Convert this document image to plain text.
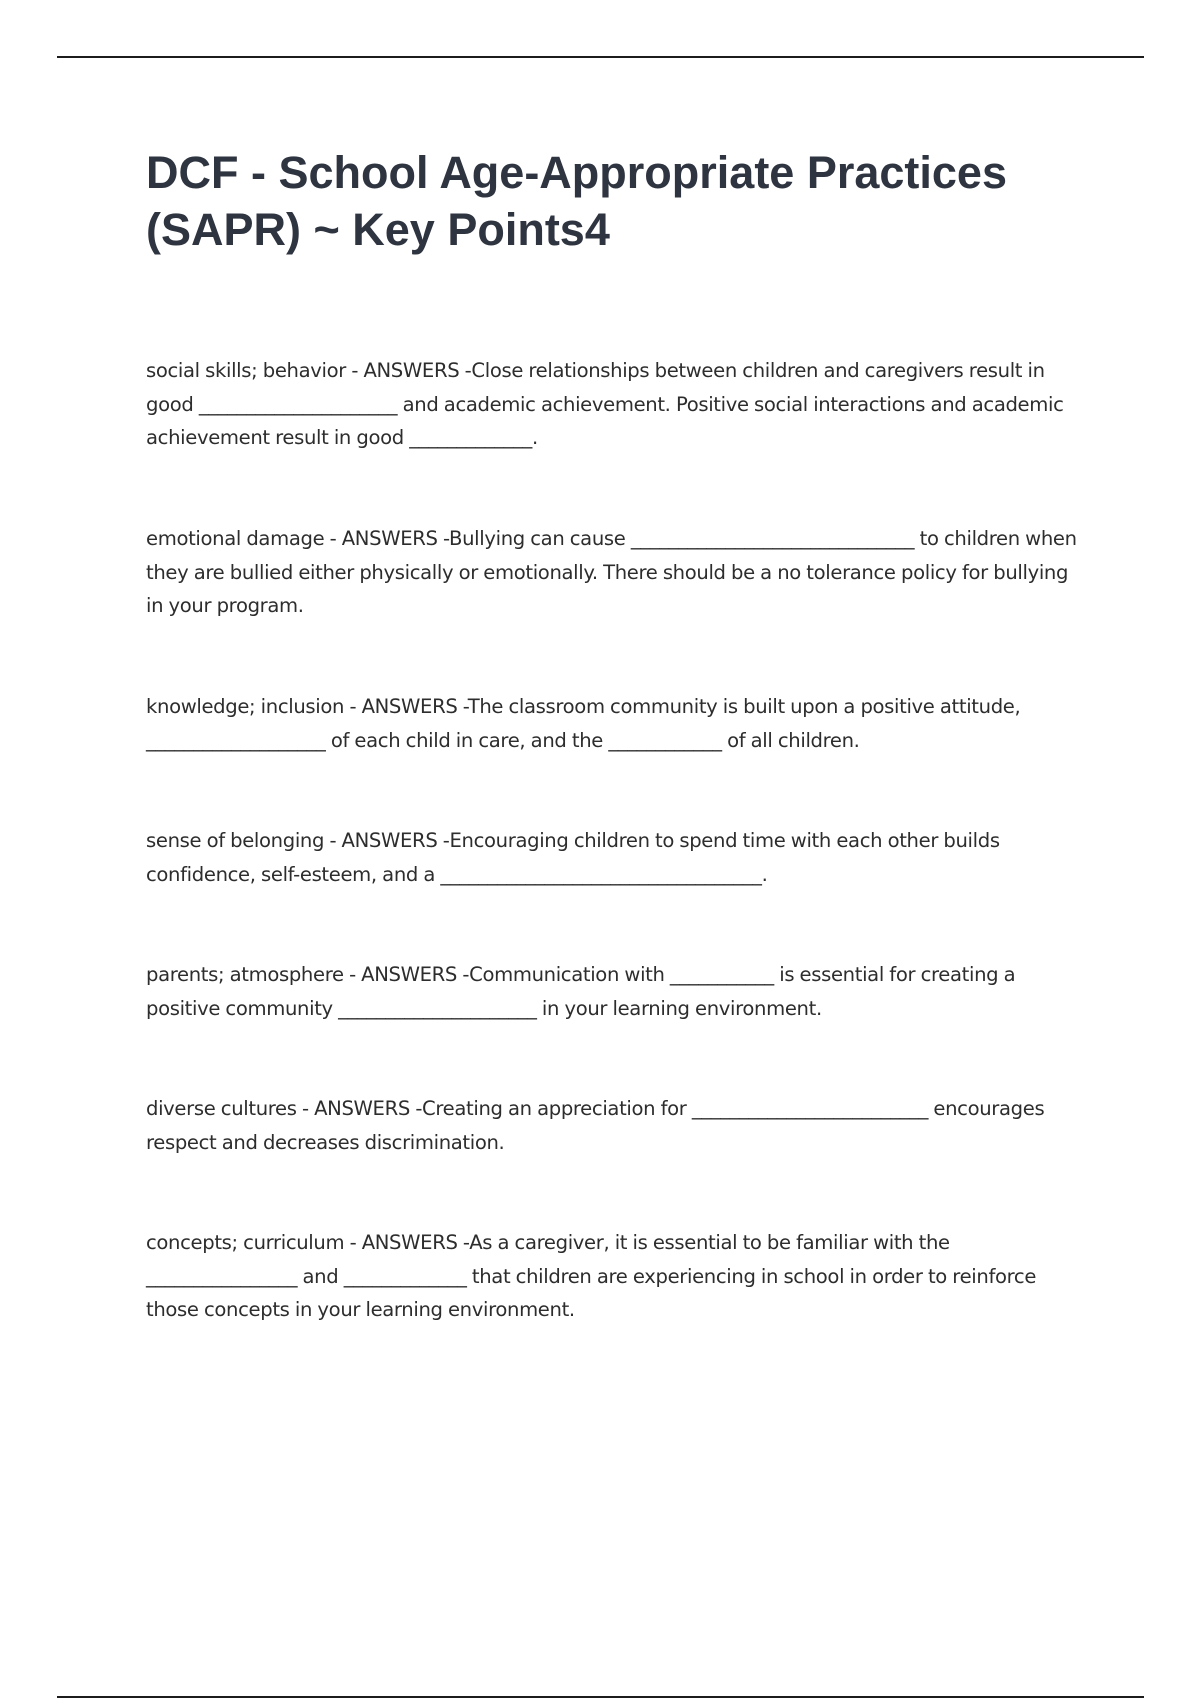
DCF - School Age-Appropriate Practices (SAPR) ~ Key Points4

social skills; behavior - ANSWERS -Close relationships between children and caregivers result in good _____________________ and academic achievement. Positive social interactions and academic achievement result in good _____________.

emotional damage - ANSWERS -Bullying can cause ______________________________ to children when they are bullied either physically or emotionally. There should be a no tolerance policy for bullying in your program.

knowledge; inclusion - ANSWERS -The classroom community is built upon a positive attitude, ___________________ of each child in care, and the ____________ of all children.

sense of belonging - ANSWERS -Encouraging children to spend time with each other builds confidence, self-esteem, and a __________________________________.

parents; atmosphere - ANSWERS -Communication with ___________ is essential for creating a positive community _____________________ in your learning environment.

diverse cultures - ANSWERS -Creating an appreciation for _________________________ encourages respect and decreases discrimination.

concepts; curriculum - ANSWERS -As a caregiver, it is essential to be familiar with the ________________ and _____________ that children are experiencing in school in order to reinforce those concepts in your learning environment.
